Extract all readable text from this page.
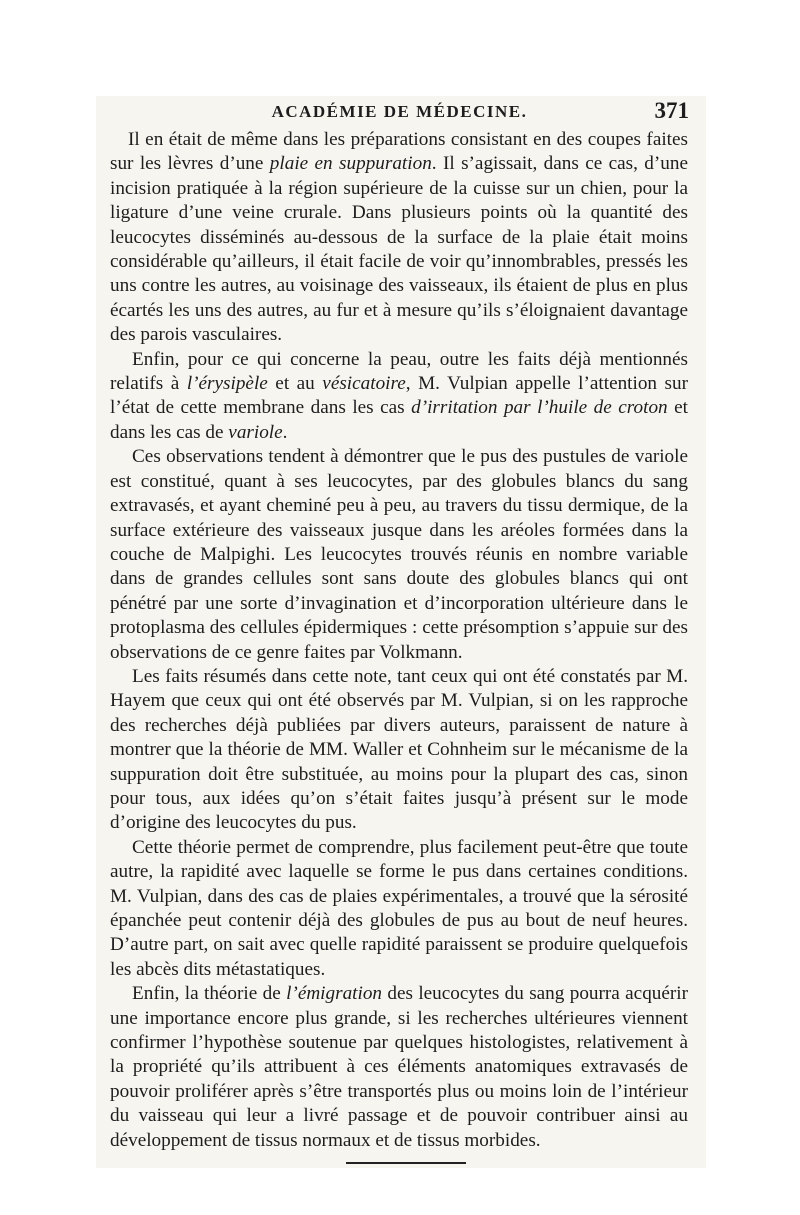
ACADÉMIE DE MÉDECINE.	371

Il en était de même dans les préparations consistant en des coupes faites sur les lèvres d’une plaie en suppuration. Il s’agissait, dans ce cas, d’une incision pratiquée à la région supérieure de la cuisse sur un chien, pour la ligature d’une veine crurale. Dans plusieurs points où la quantité des leucocytes disséminés au-dessous de la surface de la plaie était moins considérable qu’ailleurs, il était facile de voir qu’innombrables, pressés les uns contre les autres, au voisinage des vaisseaux, ils étaient de plus en plus écartés les uns des autres, au fur et à mesure qu’ils s’éloignaient davantage des parois vasculaires.

Enfin, pour ce qui concerne la peau, outre les faits déjà mentionnés relatifs à l’érysipèle et au vésicatoire, M. Vulpian appelle l’attention sur l’état de cette membrane dans les cas d’irritation par l’huile de croton et dans les cas de variole.

Ces observations tendent à démontrer que le pus des pustules de variole est constitué, quant à ses leucocytes, par des globules blancs du sang extravasés, et ayant cheminé peu à peu, au travers du tissu dermique, de la surface extérieure des vaisseaux jusque dans les aréoles formées dans la couche de Malpighi. Les leucocytes trouvés réunis en nombre variable dans de grandes cellules sont sans doute des globules blancs qui ont pénétré par une sorte d’invagination et d’incorporation ultérieure dans le protoplasma des cellules épidermiques : cette présomption s’appuie sur des observations de ce genre faites par Volkmann.

Les faits résumés dans cette note, tant ceux qui ont été constatés par M. Hayem que ceux qui ont été observés par M. Vulpian, si on les rapproche des recherches déjà publiées par divers auteurs, paraissent de nature à montrer que la théorie de MM. Waller et Cohnheim sur le mécanisme de la suppuration doit être substituée, au moins pour la plupart des cas, sinon pour tous, aux idées qu’on s’était faites jusqu’à présent sur le mode d’origine des leucocytes du pus.

Cette théorie permet de comprendre, plus facilement peut-être que toute autre, la rapidité avec laquelle se forme le pus dans certaines conditions. M. Vulpian, dans des cas de plaies expérimentales, a trouvé que la sérosité épanchée peut contenir déjà des globules de pus au bout de neuf heures. D’autre part, on sait avec quelle rapidité paraissent se produire quelquefois les abcès dits métastatiques.

Enfin, la théorie de l’émigration des leucocytes du sang pourra acquérir une importance encore plus grande, si les recherches ultérieures viennent confirmer l’hypothèse soutenue par quelques histologistes, relativement à la propriété qu’ils attribuent à ces éléments anatomiques extravasés de pouvoir proliférer après s’être transportés plus ou moins loin de l’intérieur du vaisseau qui leur a livré passage et de pouvoir contribuer ainsi au développement de tissus normaux et de tissus morbides.
